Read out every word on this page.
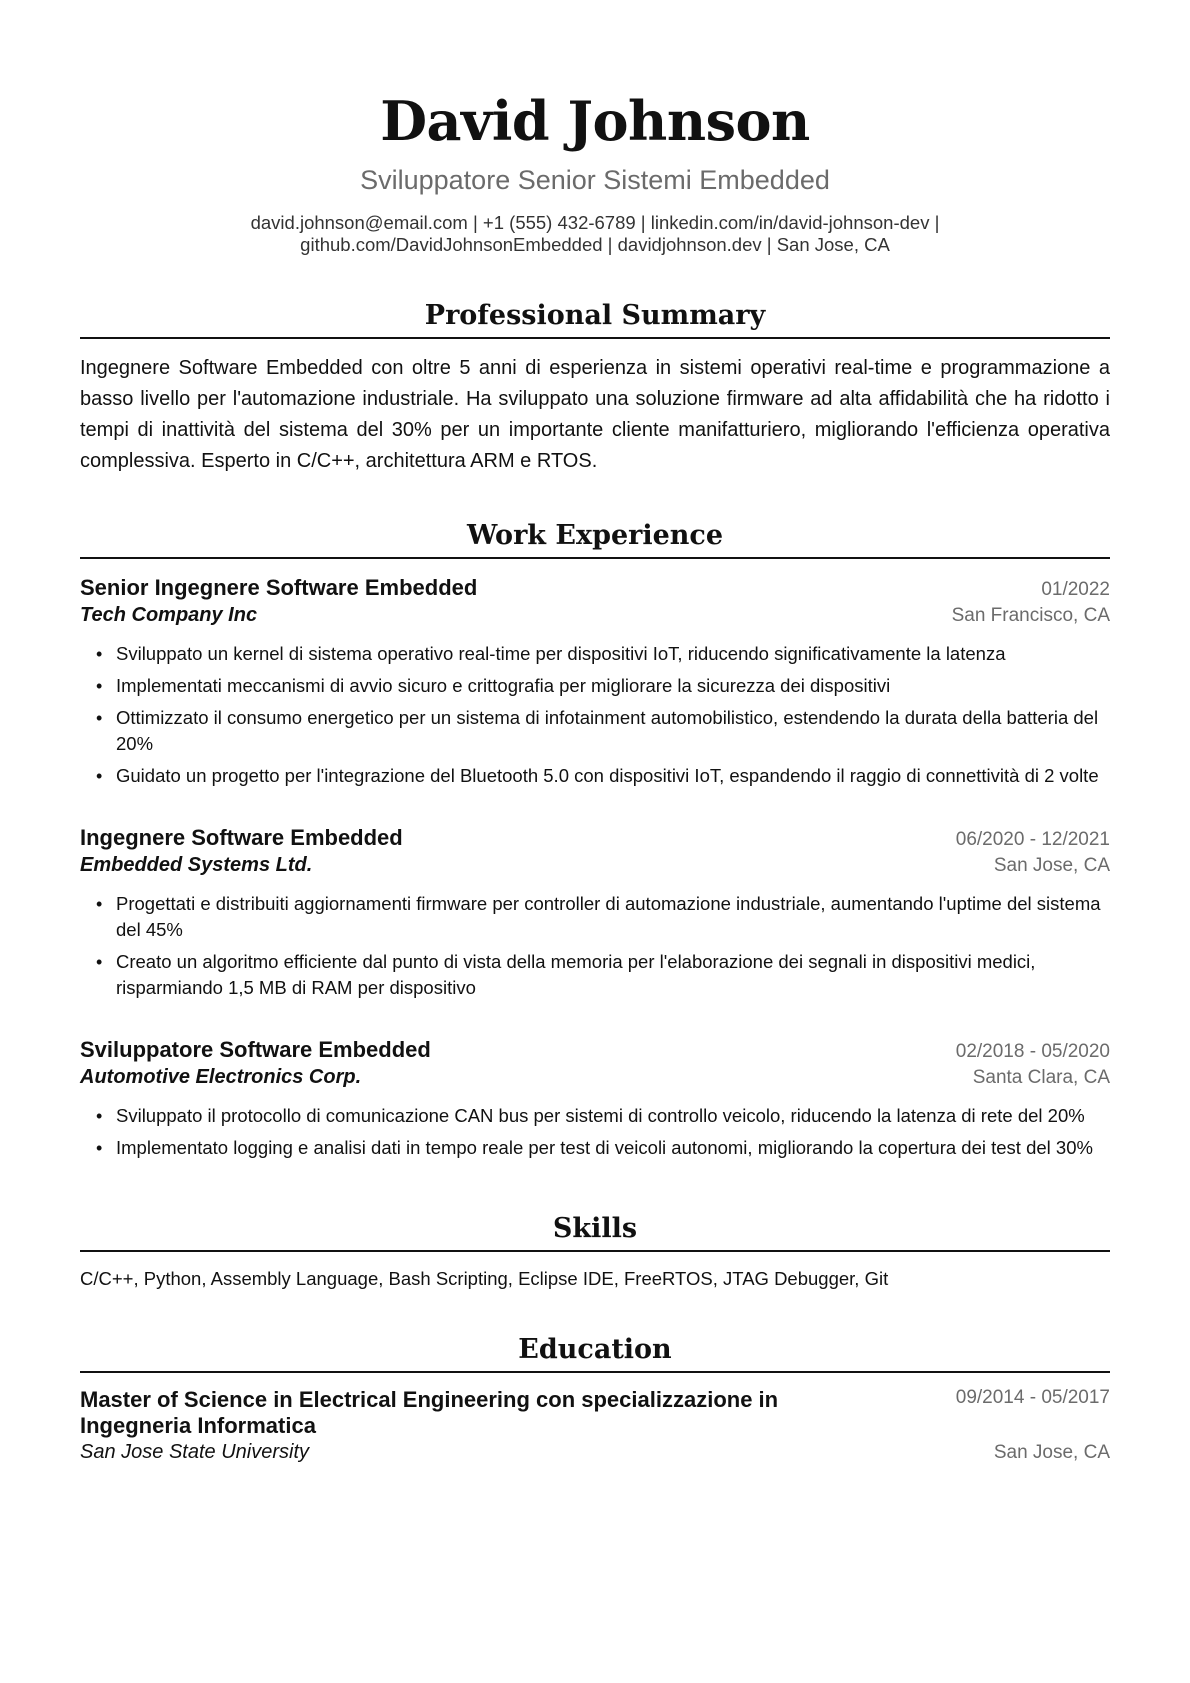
David Johnson
Sviluppatore Senior Sistemi Embedded
david.johnson@email.com | +1 (555) 432-6789 | linkedin.com/in/david-johnson-dev |
github.com/DavidJohnsonEmbedded | davidjohnson.dev | San Jose, CA
Professional Summary
Ingegnere Software Embedded con oltre 5 anni di esperienza in sistemi operativi real-time e programmazione a basso livello per l'automazione industriale. Ha sviluppato una soluzione firmware ad alta affidabilità che ha ridotto i tempi di inattività del sistema del 30% per un importante cliente manifatturiero, migliorando l'efficienza operativa complessiva. Esperto in C/C++, architettura ARM e RTOS.
Work Experience
Senior Ingegnere Software Embedded	01/2022
Tech Company Inc	San Francisco, CA
• Sviluppato un kernel di sistema operativo real-time per dispositivi IoT, riducendo significativamente la latenza
• Implementati meccanismi di avvio sicuro e crittografia per migliorare la sicurezza dei dispositivi
• Ottimizzato il consumo energetico per un sistema di infotainment automobilistico, estendendo la durata della batteria del 20%
• Guidato un progetto per l'integrazione del Bluetooth 5.0 con dispositivi IoT, espandendo il raggio di connettività di 2 volte
Ingegnere Software Embedded	06/2020 - 12/2021
Embedded Systems Ltd.	San Jose, CA
• Progettati e distribuiti aggiornamenti firmware per controller di automazione industriale, aumentando l'uptime del sistema del 45%
• Creato un algoritmo efficiente dal punto di vista della memoria per l'elaborazione dei segnali in dispositivi medici, risparmiando 1,5 MB di RAM per dispositivo
Sviluppatore Software Embedded	02/2018 - 05/2020
Automotive Electronics Corp.	Santa Clara, CA
• Sviluppato il protocollo di comunicazione CAN bus per sistemi di controllo veicolo, riducendo la latenza di rete del 20%
• Implementato logging e analisi dati in tempo reale per test di veicoli autonomi, migliorando la copertura dei test del 30%
Skills
C/C++, Python, Assembly Language, Bash Scripting, Eclipse IDE, FreeRTOS, JTAG Debugger, Git
Education
Master of Science in Electrical Engineering con specializzazione in Ingegneria Informatica
09/2014 - 05/2017
San Jose State University	San Jose, CA
